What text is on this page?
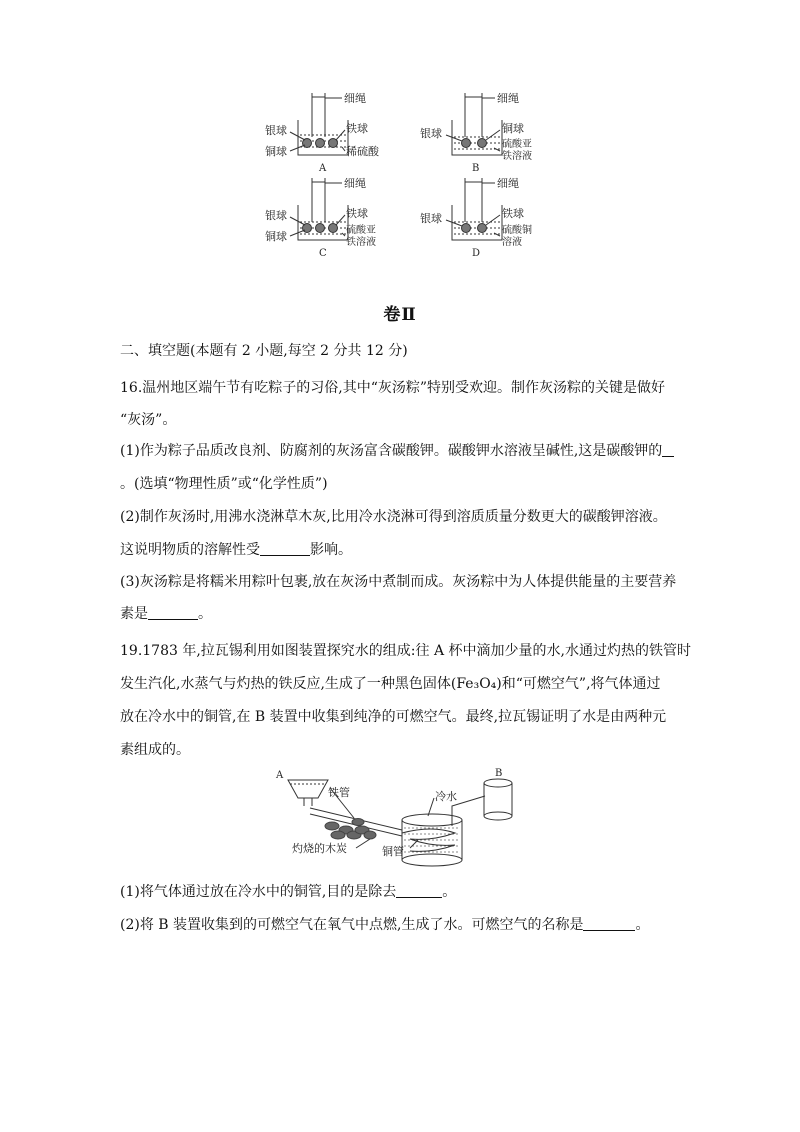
细绳
银球
铜球
铁球
稀硫酸
A
细绳
银球	铜球
硫酸亚
铁溶液
B
细绳
银球
铜球
铁球
硫酸亚
铁溶液
C
细绳
银球	铁球
硫酸铜
溶液
D
卷Ⅱ
二、填空题(本题有 2 小题,每空 2 分共 12 分)
16.温州地区端午节有吃粽子的习俗,其中“灰汤粽”特别受欢迎。制作灰汤粽的关键是做好
“灰汤”。
(1)作为粽子品质改良剂、防腐剂的灰汤富含碳酸钾。碳酸钾水溶液呈碱性,这是碳酸钾的
。(选填“物理性质”或“化学性质”)
(2)制作灰汤时,用沸水浇淋草木灰,比用冷水浇淋可得到溶质质量分数更大的碳酸钾溶液。
这说明物质的溶解性受	影响。
(3)灰汤粽是将糯米用粽叶包裹,放在灰汤中煮制而成。灰汤粽中为人体提供能量的主要营养
素是	。
19.1783 年,拉瓦锡利用如图装置探究水的组成:往 A 杯中滴加少量的水,水通过灼热的铁管时
发生汽化,水蒸气与灼热的铁反应,生成了一种黑色固体(Fe₃O₄)和“可燃空气”,将气体通过
放在冷水中的铜管,在 B 装置中收集到纯净的可燃空气。最终,拉瓦锡证明了水是由两种元
素组成的。
A	B
铁管	冷水
灼烧的木炭	铜管
(1)将气体通过放在冷水中的铜管,目的是除去	。
(2)将 B 装置收集到的可燃空气在氧气中点燃,生成了水。可燃空气的名称是	。
